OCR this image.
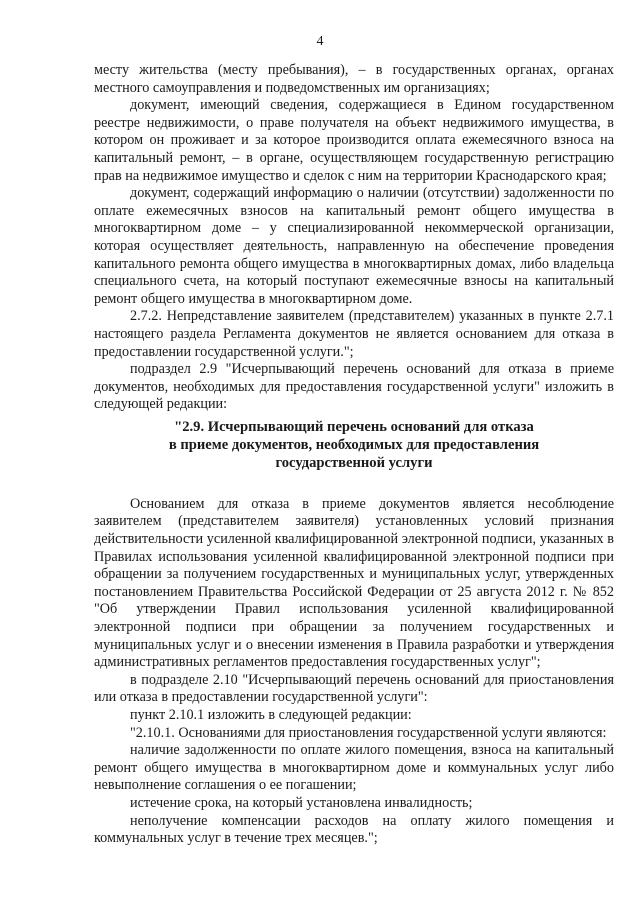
4

месту жительства (месту пребывания), – в государственных органах, органах местного самоуправления и подведомственных им организациях;

документ, имеющий сведения, содержащиеся в Едином государственном реестре недвижимости, о праве получателя на объект недвижимого имущества, в котором он проживает и за которое производится оплата ежемесячного взноса на капитальный ремонт, – в органе, осуществляющем государственную регистрацию прав на недвижимое имущество и сделок с ним на территории Краснодарского края;

документ, содержащий информацию о наличии (отсутствии) задолженности по оплате ежемесячных взносов на капитальный ремонт общего имущества в многоквартирном доме – у специализированной некоммерческой организации, которая осуществляет деятельность, направленную на обеспечение проведения капитального ремонта общего имущества в многоквартирных домах, либо владельца специального счета, на который поступают ежемесячные взносы на капитальный ремонт общего имущества в многоквартирном доме.

2.7.2. Непредставление заявителем (представителем) указанных в пункте 2.7.1 настоящего раздела Регламента документов не является основанием для отказа в предоставлении государственной услуги.";

подраздел 2.9 "Исчерпывающий перечень оснований для отказа в приеме документов, необходимых для предоставления государственной услуги" изложить в следующей редакции:

"2.9. Исчерпывающий перечень оснований для отказа
в приеме документов, необходимых для предоставления
государственной услуги

Основанием для отказа в приеме документов является несоблюдение заявителем (представителем заявителя) установленных условий признания действительности усиленной квалифицированной электронной подписи, указанных в Правилах использования усиленной квалифицированной электронной подписи при обращении за получением государственных и муниципальных услуг, утвержденных постановлением Правительства Российской Федерации от 25 августа 2012 г. № 852 "Об утверждении Правил использования усиленной квалифицированной электронной подписи при обращении за получением государственных и муниципальных услуг и о внесении изменения в Правила разработки и утверждения административных регламентов предоставления государственных услуг";

в подразделе 2.10 "Исчерпывающий перечень оснований для приостановления или отказа в предоставлении государственной услуги":

пункт 2.10.1 изложить в следующей редакции:

"2.10.1. Основаниями для приостановления государственной услуги являются:

наличие задолженности по оплате жилого помещения, взноса на капитальный ремонт общего имущества в многоквартирном доме и коммунальных услуг либо невыполнение соглашения о ее погашении;

истечение срока, на который установлена инвалидность;

неполучение компенсации расходов на оплату жилого помещения и коммунальных услуг в течение трех месяцев.";
